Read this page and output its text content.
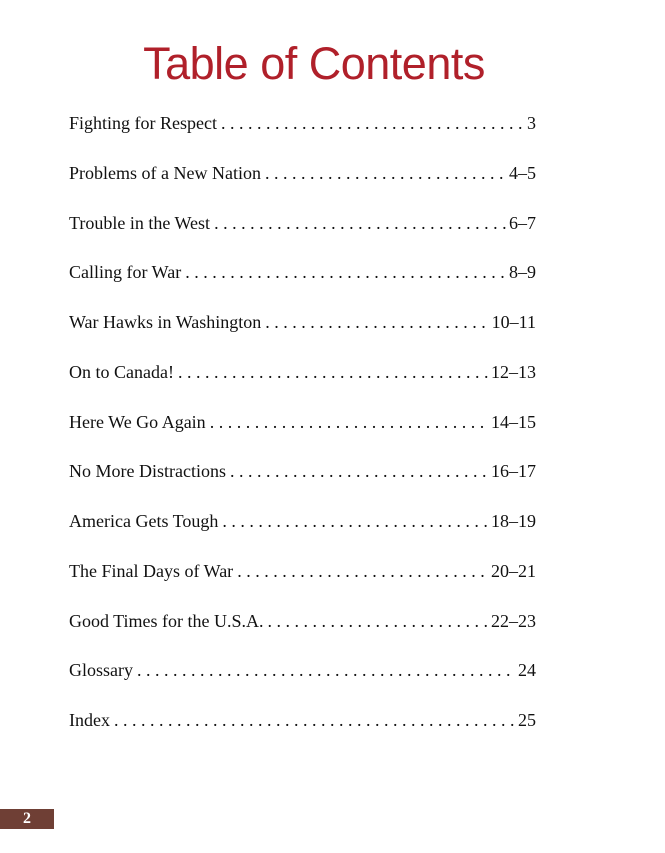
Table of Contents
Fighting for Respect . . .	3
Problems of a New Nation . . .	4–5
Trouble in the West . . .	6–7
Calling for War . . .	8–9
War Hawks in Washington . . .	10–11
On to Canada! . . .	12–13
Here We Go Again . . .	14–15
No More Distractions . . .	16–17
America Gets Tough . . .	18–19
The Final Days of War . . .	20–21
Good Times for the U.S.A. . . .	22–23
Glossary . . .	24
Index . . .	25
2
